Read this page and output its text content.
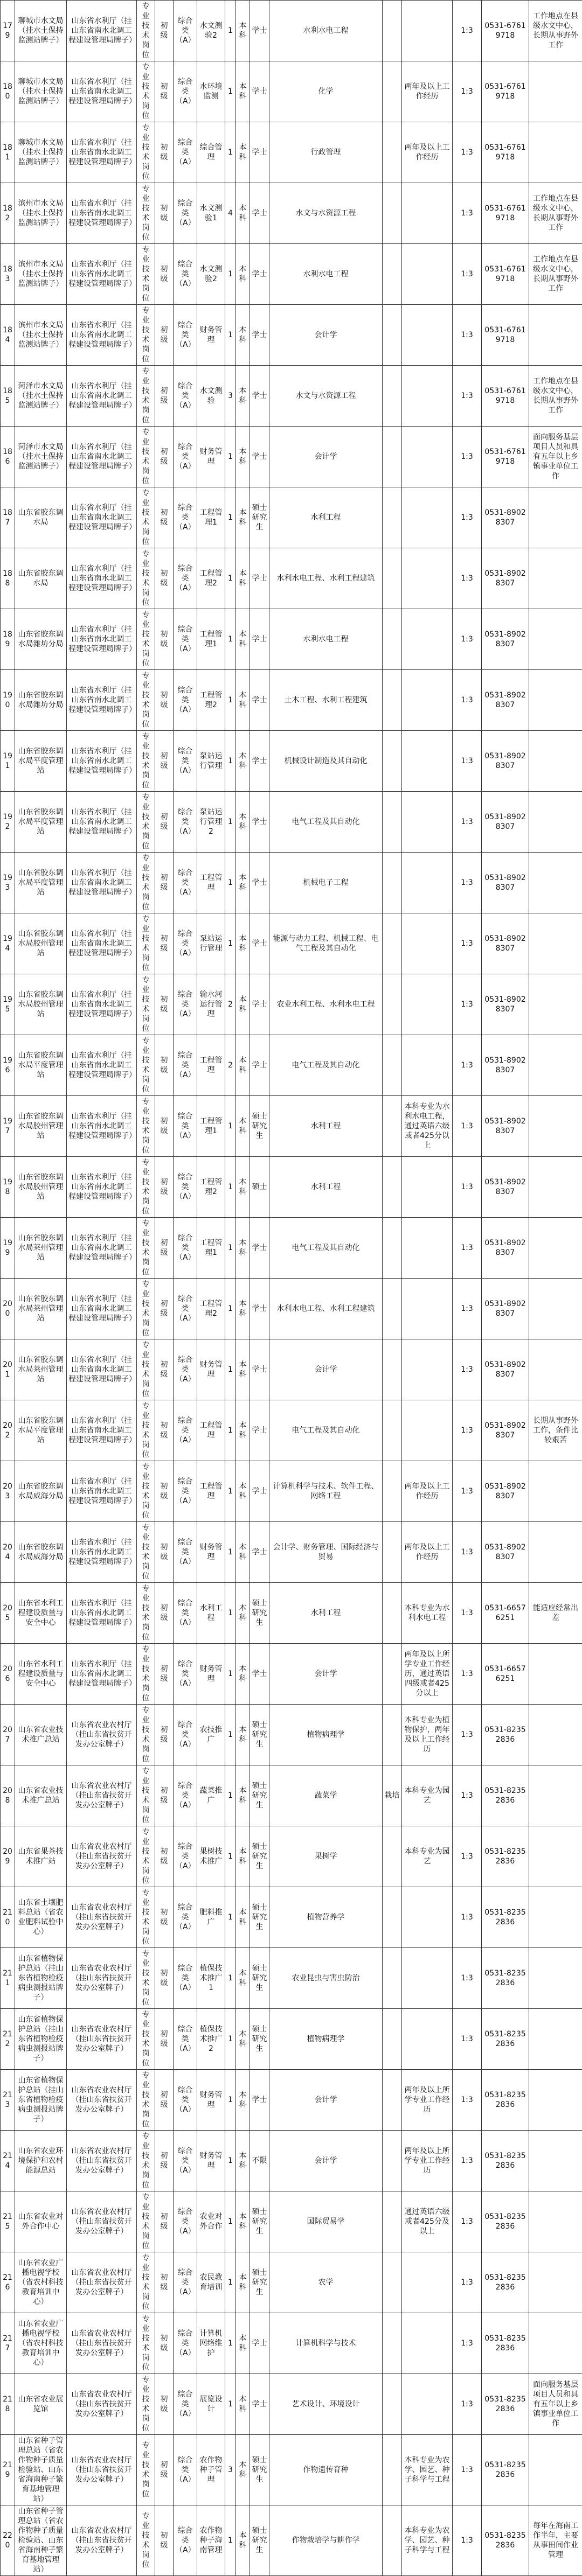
179	聊城市水文局（挂水土保持监测站牌子）	山东省水利厅（挂山东省南水北调工程建设管理局牌子）	专业技术岗位	初级	综合类（A）	水文测验2	1	本科	学士	水利水电工程			1:3	0531-67619718	工作地点在县级水文中心，长期从事野外工作
180	聊城市水文局（挂水土保持监测站牌子）	山东省水利厅（挂山东省南水北调工程建设管理局牌子）	专业技术岗位	初级	综合类（A）	水环境监测	1	本科	学士	化学		两年及以上工作经历	1:3	0531-67619718	
181	聊城市水文局（挂水土保持监测站牌子）	山东省水利厅（挂山东省南水北调工程建设管理局牌子）	专业技术岗位	初级	综合类（A）	综合管理	1	本科	学士	行政管理		两年及以上工作经历	1:3	0531-67619718	
182	滨州市水文局（挂水土保持监测站牌子）	山东省水利厅（挂山东省南水北调工程建设管理局牌子）	专业技术岗位	初级	综合类（A）	水文测验1	4	本科	学士	水文与水资源工程			1:3	0531-67619718	工作地点在县级水文中心，长期从事野外工作
183	滨州市水文局（挂水土保持监测站牌子）	山东省水利厅（挂山东省南水北调工程建设管理局牌子）	专业技术岗位	初级	综合类（A）	水文测验2	1	本科	学士	水利水电工程			1:3	0531-67619718	工作地点在县级水文中心，长期从事野外工作
184	滨州市水文局（挂水土保持监测站牌子）	山东省水利厅（挂山东省南水北调工程建设管理局牌子）	专业技术岗位	初级	综合类（A）	财务管理	1	本科	学士	会计学			1:3	0531-67619718	
185	菏泽市水文局（挂水土保持监测站牌子）	山东省水利厅（挂山东省南水北调工程建设管理局牌子）	专业技术岗位	初级	综合类（A）	水文测验	3	本科	学士	水文与水资源工程			1:3	0531-67619718	工作地点在县级水文中心，长期从事野外工作
186	菏泽市水文局（挂水土保持监测站牌子）	山东省水利厅（挂山东省南水北调工程建设管理局牌子）	专业技术岗位	初级	综合类（A）	财务管理	1	本科	学士	会计学			1:3	0531-67619718	面向服务基层项目人员和具有五年以上乡镇事业单位工作
187	山东省胶东调水局	山东省水利厅（挂山东省南水北调工程建设管理局牌子）	专业技术岗位	初级	综合类（A）	工程管理1	1	本科	硕士研究生	水利工程			1:3	0531-89028307	
188	山东省胶东调水局	山东省水利厅（挂山东省南水北调工程建设管理局牌子）	专业技术岗位	初级	综合类（A）	工程管理2	1	本科	学士	水利水电工程、水利工程建筑			1:3	0531-89028307	
189	山东省胶东调水局潍坊分局	山东省水利厅（挂山东省南水北调工程建设管理局牌子）	专业技术岗位	初级	综合类（A）	工程管理1	1	本科	学士	水利水电工程			1:3	0531-89028307	
190	山东省胶东调水局潍坊分局	山东省水利厅（挂山东省南水北调工程建设管理局牌子）	专业技术岗位	初级	综合类（A）	工程管理2	1	本科	学士	土木工程、水利工程建筑			1:3	0531-89028307	
191	山东省胶东调水局平度管理站	山东省水利厅（挂山东省南水北调工程建设管理局牌子）	专业技术岗位	初级	综合类（A）	泵站运行管理	1	本科	学士	机械设计制造及其自动化			1:3	0531-89028307	
192	山东省胶东调水局平度管理站	山东省水利厅（挂山东省南水北调工程建设管理局牌子）	专业技术岗位	初级	综合类（A）	泵站运行管理2	1	本科	学士	电气工程及其自动化			1:3	0531-89028307	
193	山东省胶东调水局平度管理站	山东省水利厅（挂山东省南水北调工程建设管理局牌子）	专业技术岗位	初级	综合类（A）	工程管理	1	本科	学士	机械电子工程			1:3	0531-89028307	
194	山东省胶东调水局胶州管理站	山东省水利厅（挂山东省南水北调工程建设管理局牌子）	专业技术岗位	初级	综合类（A）	泵站运行管理	1	本科	学士	能源与动力工程、机械工程、电气工程及其自动化			1:3	0531-89028307	
195	山东省胶东调水局胶州管理站	山东省水利厅（挂山东省南水北调工程建设管理局牌子）	专业技术岗位	初级	综合类（A）	输水河运行管理	2	本科	学士	农业水利工程、水利水电工程			1:3	0531-89028307	
196	山东省胶东调水局平度管理站	山东省水利厅（挂山东省南水北调工程建设管理局牌子）	专业技术岗位	初级	综合类（A）	工程管理	2	本科	学士	电气工程及其自动化			1:3	0531-89028307	
197	山东省胶东调水局胶州管理站	山东省水利厅（挂山东省南水北调工程建设管理局牌子）	专业技术岗位	初级	综合类（A）	工程管理1	1	本科	硕士研究生	水利工程		本科专业为水利水电工程，通过英语六级或者425分以上	1:3	0531-89028307	
198	山东省胶东调水局胶州管理站	山东省水利厅（挂山东省南水北调工程建设管理局牌子）	专业技术岗位	初级	综合类（A）	工程管理2	1	本科	硕士	水利工程			1:3	0531-89028307	
199	山东省胶东调水局莱州管理站	山东省水利厅（挂山东省南水北调工程建设管理局牌子）	专业技术岗位	初级	综合类（A）	工程管理1	1	本科	学士	电气工程及其自动化			1:3	0531-89028307	
200	山东省胶东调水局莱州管理站	山东省水利厅（挂山东省南水北调工程建设管理局牌子）	专业技术岗位	初级	综合类（A）	工程管理2	1	本科	学士	水利水电工程、水利工程建筑			1:3	0531-89028307	
201	山东省胶东调水局莱州管理站	山东省水利厅（挂山东省南水北调工程建设管理局牌子）	专业技术岗位	初级	综合类（A）	财务管理	1	本科	学士	会计学			1:3	0531-89028307	
202	山东省胶东调水局平度管理站	山东省水利厅（挂山东省南水北调工程建设管理局牌子）	专业技术岗位	初级	综合类（A）	工程管理	1	本科	学士	电气工程及其自动化			1:3	0531-89028307	长期从事野外工作，条件比较艰苦
203	山东省胶东调水局威海分局	山东省水利厅（挂山东省南水北调工程建设管理局牌子）	专业技术岗位	初级	综合类（A）	工程管理	1	本科	学士	计算机科学与技术、软件工程、网络工程		两年及以上工作经历	1:3	0531-89028307	
204	山东省胶东调水局威海分局	山东省水利厅（挂山东省南水北调工程建设管理局牌子）	专业技术岗位	初级	综合类（A）	财务管理	1	本科	学士	会计学、财务管理、国际经济与贸易		两年及以上工作经历	1:3	0531-89028307	
205	山东省水利工程建设质量与安全中心	山东省水利厅（挂山东省南水北调工程建设管理局牌子）	专业技术岗位	初级	综合类（A）	水利工程	1	本科	硕士研究生	水利工程		本科专业为水利水电工程	1:3	0531-66576251	能适应经常出差
206	山东省水利工程建设质量与安全中心	山东省水利厅（挂山东省南水北调工程建设管理局牌子）	专业技术岗位	初级	综合类（A）	财务管理	1	本科	学士	会计学		两年及以上所学专业工作经历，通过英语四级或者425分以上	1:3	0531-66576251	
207	山东省农业技术推广总站	山东省农业农村厅（挂山东省扶贫开发办公室牌子）	专业技术岗位	初级	综合类（A）	农技推广	1	本科	硕士研究生	植物病理学		本科专业为植物保护，两年及以上工作经历	1:3	0531-82352836	
208	山东省农业技术推广总站	山东省农业农村厅（挂山东省扶贫开发办公室牌子）	专业技术岗位	初级	综合类（A）	蔬菜推广	1	本科	硕士研究生	蔬菜学	栽培	本科专业为园艺	1:3	0531-82352836	
209	山东省果茶技术推广站	山东省农业农村厅（挂山东省扶贫开发办公室牌子）	专业技术岗位	初级	综合类（A）	果树技术推广	1	本科	硕士研究生	果树学		本科专业为园艺	1:3	0531-82352836	
210	山东省土壤肥料总站（省农业肥料试验中心）	山东省农业农村厅（挂山东省扶贫开发办公室牌子）	专业技术岗位	初级	综合类（A）	肥料推广	1	本科	硕士研究生	植物营养学			1:3	0531-82352836	
211	山东省植物保护总站（挂山东省植物检疫病虫测报站牌子）	山东省农业农村厅（挂山东省扶贫开发办公室牌子）	专业技术岗位	初级	综合类（A）	植保技术推广1	1	本科	硕士研究生	农业昆虫与害虫防治			1:3	0531-82352836	
212	山东省植物保护总站（挂山东省植物检疫病虫测报站牌子）	山东省农业农村厅（挂山东省扶贫开发办公室牌子）	专业技术岗位	初级	综合类（A）	植保技术推广2	1	本科	硕士研究生	植物病理学			1:3	0531-82352836	
213	山东省植物保护总站（挂山东省植物检疫病虫测报站牌子）	山东省农业农村厅（挂山东省扶贫开发办公室牌子）	专业技术岗位	初级	综合类（A）	财务管理	1	本科	学士	会计学		两年及以上所学专业工作经历	1:3	0531-82352836	
214	山东省农业环境保护和农村能源总站	山东省农业农村厅（挂山东省扶贫开发办公室牌子）	专业技术岗位	初级	综合类（A）	财务管理	1	本科	不限	会计学		两年及以上所学专业工作经历	1:3	0531-82352836	
215	山东省农业对外合作中心	山东省农业农村厅（挂山东省扶贫开发办公室牌子）	专业技术岗位	初级	综合类（A）	农业对外合作	1	本科	硕士研究生	国际贸易学		通过英语六级或者425分及以上	1:3	0531-82352836	
216	山东省农业广播电视学校（省农村科技教育培训中心）	山东省农业农村厅（挂山东省扶贫开发办公室牌子）	专业技术岗位	初级	综合类（A）	农民教育培训	1	本科	硕士研究生	农学			1:3	0531-82352836	
217	山东省农业广播电视学校（省农村科技教育培训中心）	山东省农业农村厅（挂山东省扶贫开发办公室牌子）	专业技术岗位	初级	综合类（A）	计算机网络维护	1	本科	学士	计算机科学与技术			1:3	0531-82352836	
218	山东省农业展览馆	山东省农业农村厅（挂山东省扶贫开发办公室牌子）	专业技术岗位	初级	综合类（A）	展览设计	1	本科	学士	艺术设计、环境设计			1:3	0531-82352836	面向服务基层项目人员和具有五年以上乡镇事业单位工作
219	山东省种子管理总站（省农作物种子质量检验站、山东省海南种子繁育基地管理站）	山东省农业农村厅（挂山东省扶贫开发办公室牌子）	专业技术岗位	初级	综合类（A）	农作物种子管理	3	本科	硕士研究生	作物遗传育种		本科专业为农学、园艺、种子科学与工程	1:3	0531-82352836	
220	山东省种子管理总站（省农作物种子质量检验站、山东省海南种子繁育基地管理站）	山东省农业农村厅（挂山东省扶贫开发办公室牌子）	专业技术岗位	初级	综合类（A）	农作物种子海南管理	1	本科	硕士研究生	作物栽培学与耕作学		本科专业为农学、园艺、种子科学与工程	1:3	0531-82352836	每年在海南工作半年，主要从事田间作业管理
